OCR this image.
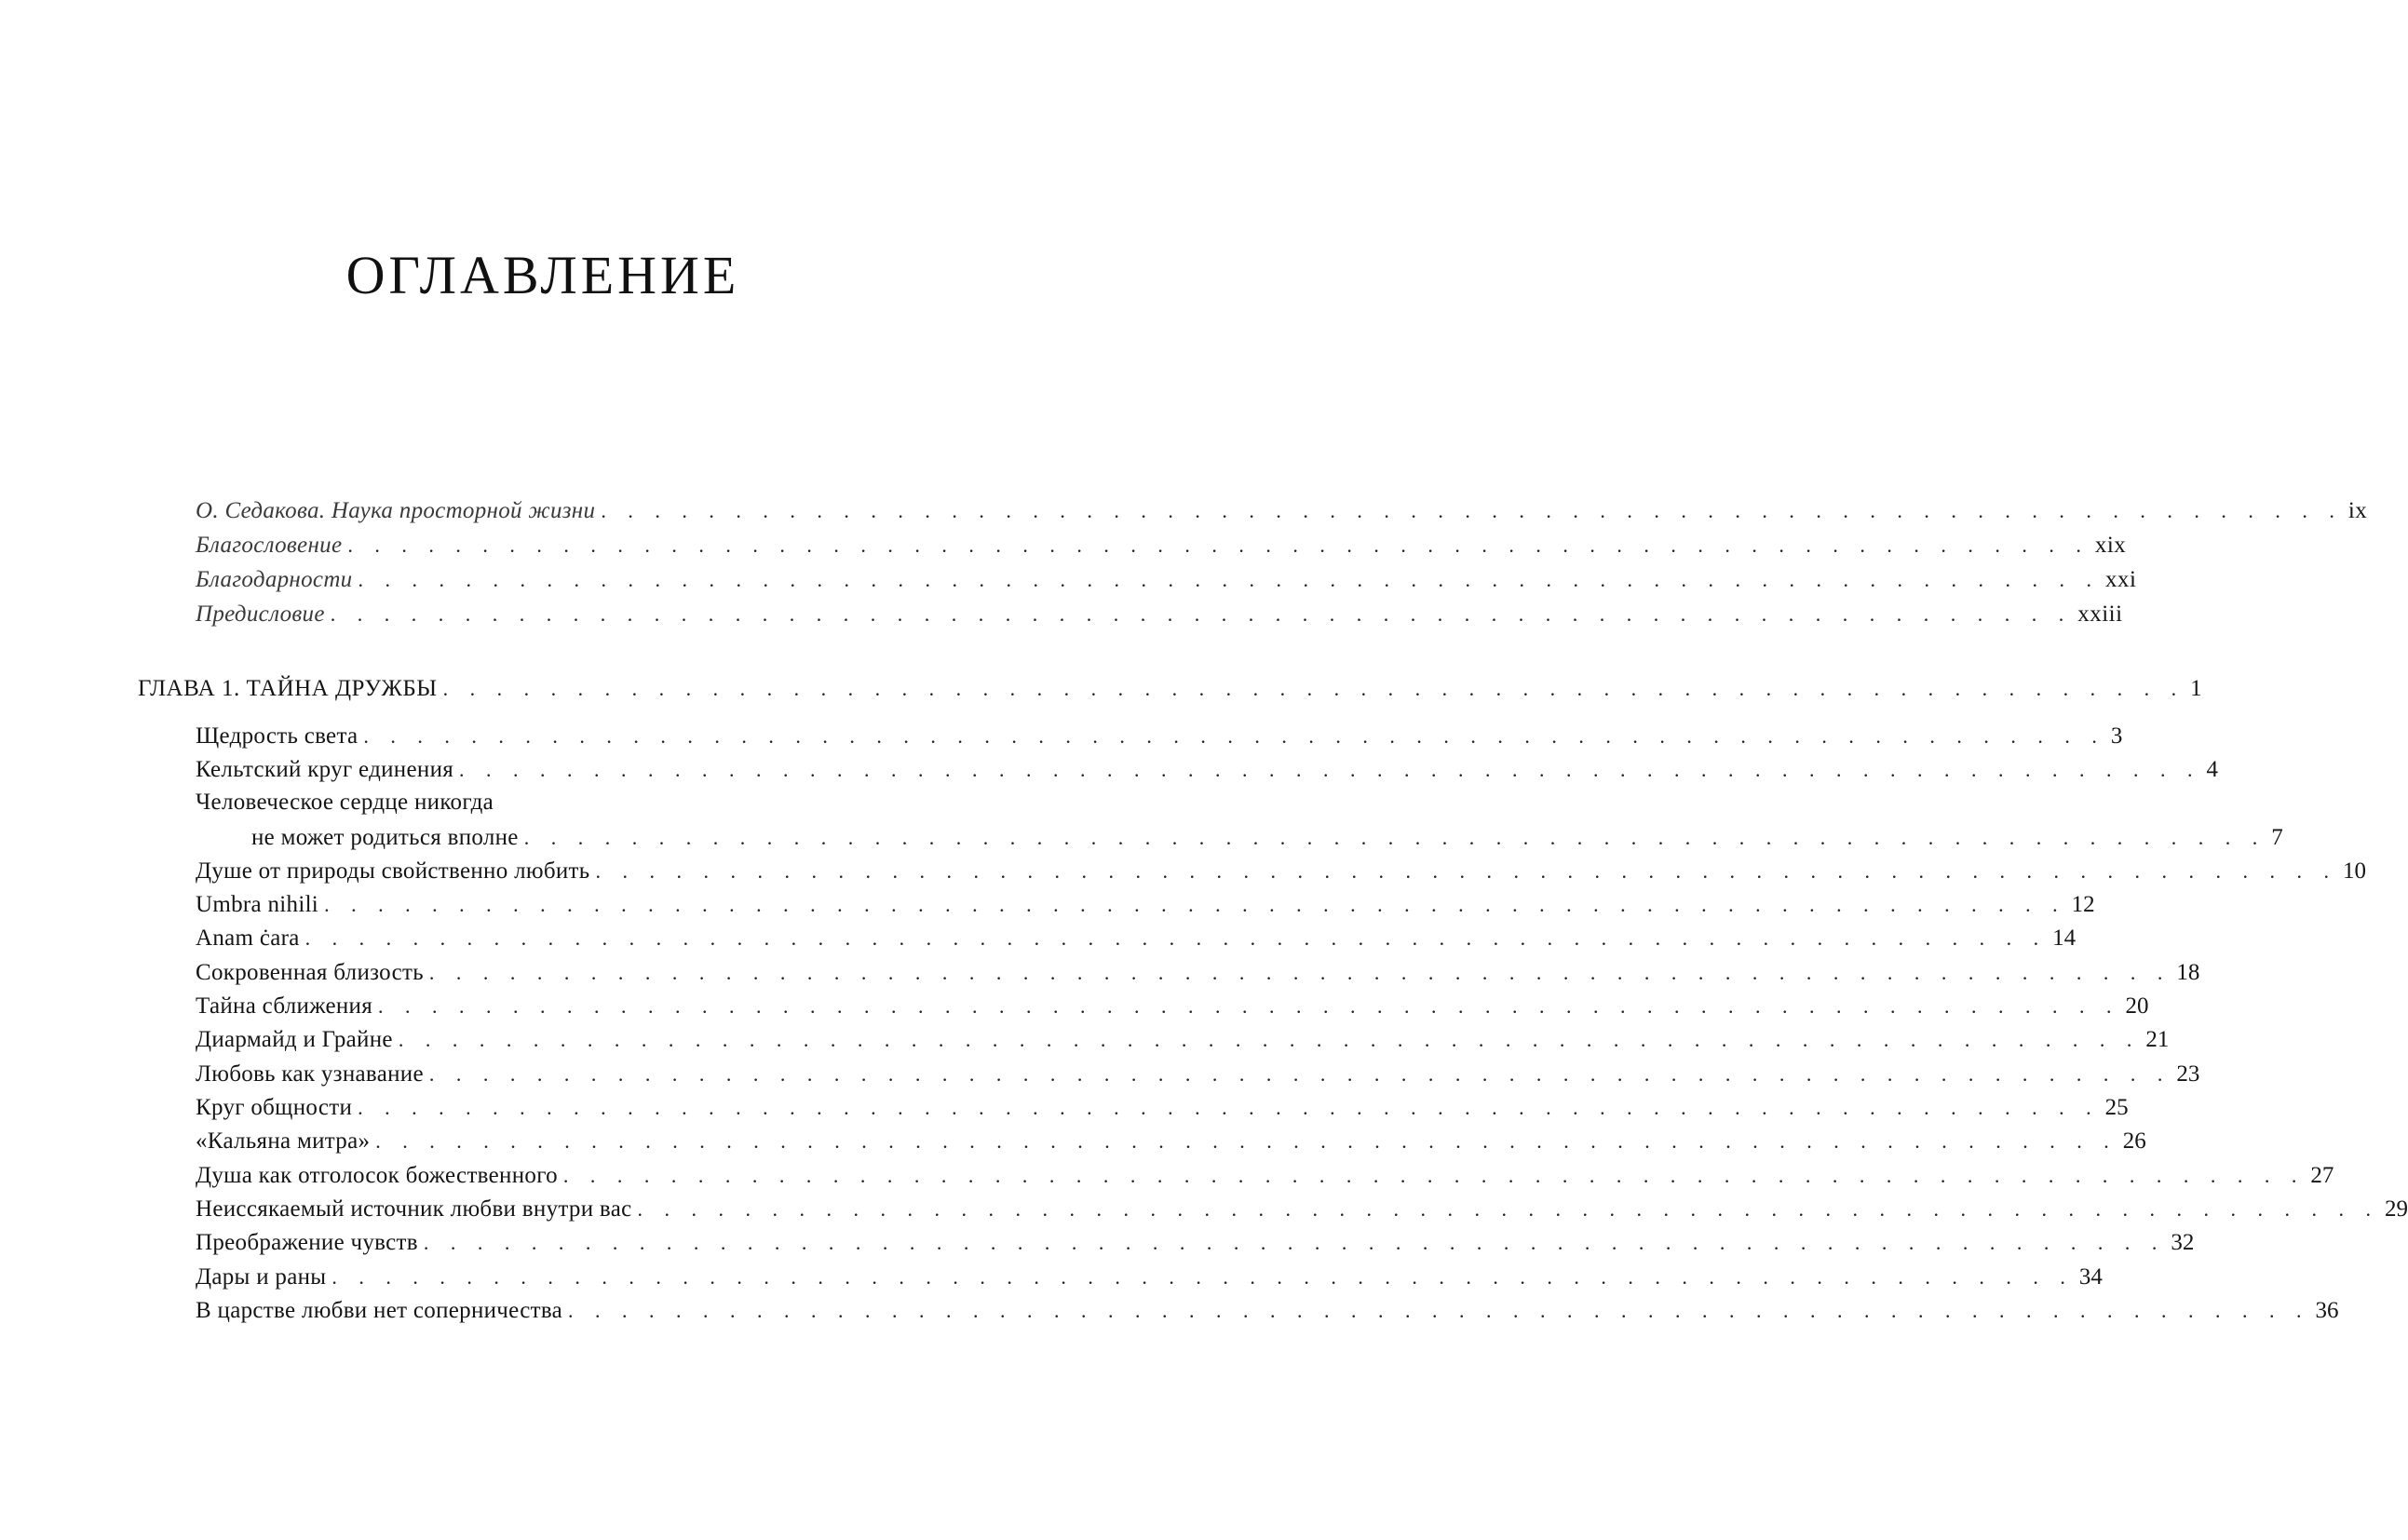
ОГЛАВЛЕНИЕ
О. Седакова. Наука просторной жизни . . . . . . . . . . . . . . . . . . . . . . . . . . . . . . . . . . . . . . . . . . . . . . . . . . . . . . . . . . . . . . . . . ix
Благословение . . . . . . . . . . . . . . . . . . . . . . . . . . . . . . . . . . . . . . . . . . . . . . . . . . . . . . . . . . . . . . . . . xix
Благодарности . . . . . . . . . . . . . . . . . . . . . . . . . . . . . . . . . . . . . . . . . . . . . . . . . . . . . . . . . . . . . . . . . xxi
Предисловие . . . . . . . . . . . . . . . . . . . . . . . . . . . . . . . . . . . . . . . . . . . . . . . . . . . . . . . . . . . . . . . . . xxiii
ГЛАВА 1. ТАЙНА ДРУЖБЫ . . . . . . . . . . . . . . . . . . . . . . . . . . . . . . . . . . . . . . . . . . . . . . . . . . . . . . . . . . . . . . . . . 1
Щедрость света . . . . . . . . . . . . . . . . . . . . . . . . . . . . . . . . . . . . . . . . . . . . . . . . . . . . . . . . . . . . . . . . . 3
Кельтский круг единения . . . . . . . . . . . . . . . . . . . . . . . . . . . . . . . . . . . . . . . . . . . . . . . . . . . . . . . . . . . . . . . . . 4
Человеческое сердце никогда
не может родиться вполне . . . . . . . . . . . . . . . . . . . . . . . . . . . . . . . . . . . . . . . . . . . . . . . . . . . . . . . . . . . . . . . . . 7
Душе от природы свойственно любить . . . . . . . . . . . . . . . . . . . . . . . . . . . . . . . . . . . . . . . . . . . . . . . . . . . . . . . . . . . . . . . . . 10
Umbra nihili . . . . . . . . . . . . . . . . . . . . . . . . . . . . . . . . . . . . . . . . . . . . . . . . . . . . . . . . . . . . . . . . . 12
Anam ċara . . . . . . . . . . . . . . . . . . . . . . . . . . . . . . . . . . . . . . . . . . . . . . . . . . . . . . . . . . . . . . . . . 14
Сокровенная близость . . . . . . . . . . . . . . . . . . . . . . . . . . . . . . . . . . . . . . . . . . . . . . . . . . . . . . . . . . . . . . . . . 18
Тайна сближения . . . . . . . . . . . . . . . . . . . . . . . . . . . . . . . . . . . . . . . . . . . . . . . . . . . . . . . . . . . . . . . . . 20
Диармайд и Грайне . . . . . . . . . . . . . . . . . . . . . . . . . . . . . . . . . . . . . . . . . . . . . . . . . . . . . . . . . . . . . . . . . 21
Любовь как узнавание . . . . . . . . . . . . . . . . . . . . . . . . . . . . . . . . . . . . . . . . . . . . . . . . . . . . . . . . . . . . . . . . . 23
Круг общности . . . . . . . . . . . . . . . . . . . . . . . . . . . . . . . . . . . . . . . . . . . . . . . . . . . . . . . . . . . . . . . . . 25
«Кальяна митра» . . . . . . . . . . . . . . . . . . . . . . . . . . . . . . . . . . . . . . . . . . . . . . . . . . . . . . . . . . . . . . . . . 26
Душа как отголосок божественного . . . . . . . . . . . . . . . . . . . . . . . . . . . . . . . . . . . . . . . . . . . . . . . . . . . . . . . . . . . . . . . . . 27
Неиссякаемый источник любви внутри вас . . . . . . . . . . . . . . . . . . . . . . . . . . . . . . . . . . . . . . . . . . . . . . . . . . . . . . . . . . . . . . . . . 29
Преображение чувств . . . . . . . . . . . . . . . . . . . . . . . . . . . . . . . . . . . . . . . . . . . . . . . . . . . . . . . . . . . . . . . . . 32
Дары и раны . . . . . . . . . . . . . . . . . . . . . . . . . . . . . . . . . . . . . . . . . . . . . . . . . . . . . . . . . . . . . . . . . 34
В царстве любви нет соперничества . . . . . . . . . . . . . . . . . . . . . . . . . . . . . . . . . . . . . . . . . . . . . . . . . . . . . . . . . . . . . . . . . 36
